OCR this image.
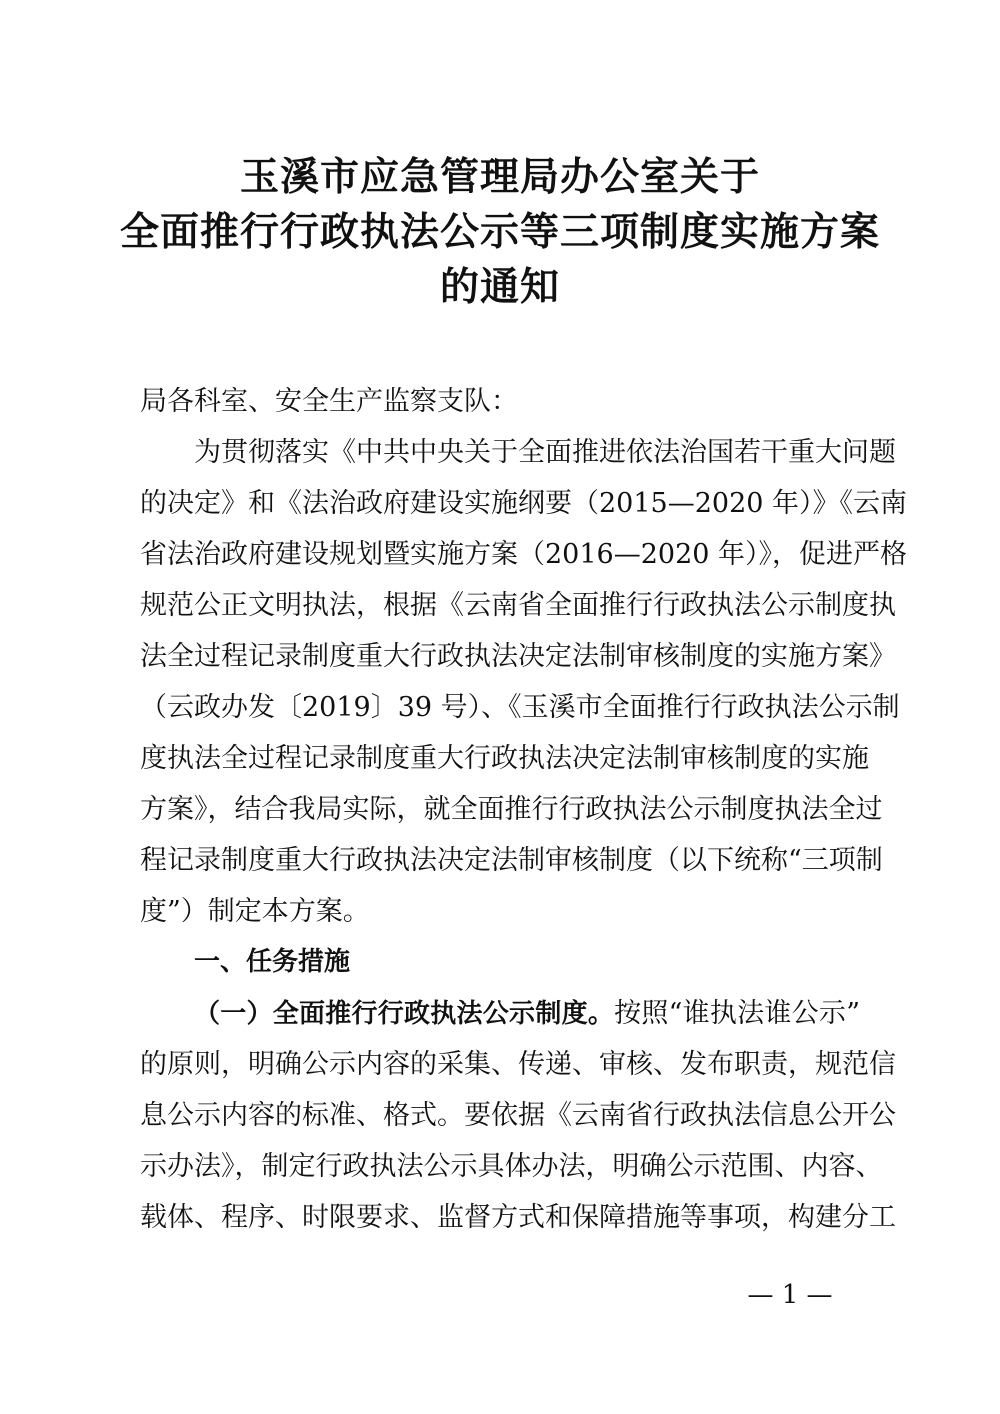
玉溪市应急管理局办公室关于
全面推行行政执法公示等三项制度实施方案
的通知
局各科室、安全生产监察支队：
为贯彻落实《中共中央关于全面推进依法治国若干重大问题
的决定》和《法治政府建设实施纲要（2015—2020 年）》《云南
省法治政府建设规划暨实施方案（2016—2020 年）》，促进严格
规范公正文明执法，根据《云南省全面推行行政执法公示制度执
法全过程记录制度重大行政执法决定法制审核制度的实施方案》
（云政办发〔2019〕39 号）、《玉溪市全面推行行政执法公示制
度执法全过程记录制度重大行政执法决定法制审核制度的实施
方案》，结合我局实际，就全面推行行政执法公示制度执法全过
程记录制度重大行政执法决定法制审核制度（以下统称“三项制
度”）制定本方案。
一、任务措施
（一）全面推行行政执法公示制度。按照“谁执法谁公示”
的原则，明确公示内容的采集、传递、审核、发布职责，规范信
息公示内容的标准、格式。要依据《云南省行政执法信息公开公
示办法》，制定行政执法公示具体办法，明确公示范围、内容、
载体、程序、时限要求、监督方式和保障措施等事项，构建分工
— 1 —
